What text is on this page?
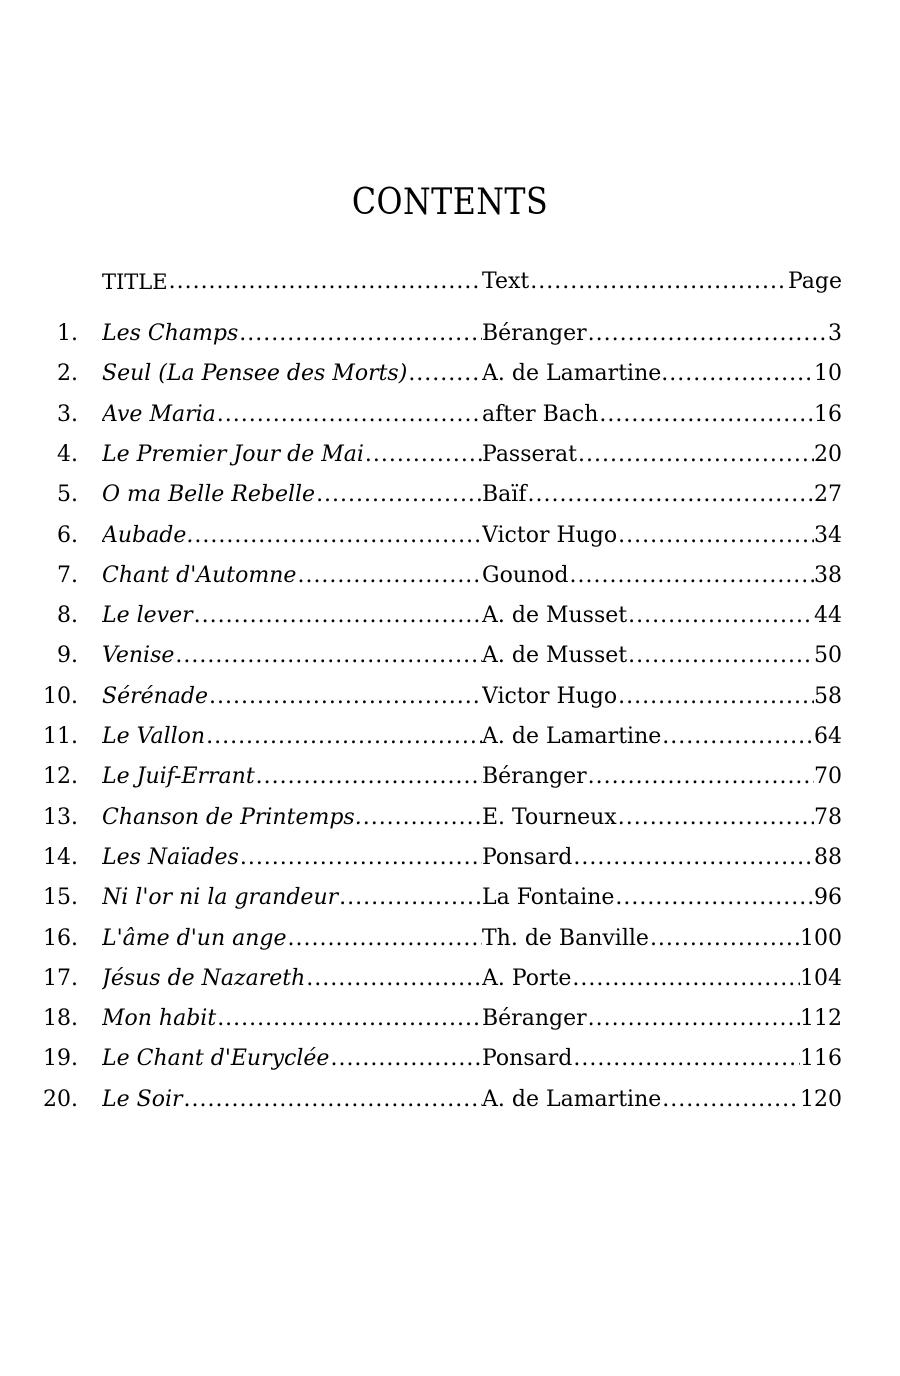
CONTENTS
TITLE .....	Text .....	Page
1. Les Champs .....	Béranger .....	3
2. Seul (La Pensee des Morts) .....	A. de Lamartine. .....	10
3. Ave Maria .....	after Bach .....	16
4. Le Premier Jour de Mai .....	Passerat .....	20
5. O ma Belle Rebelle .....	Baïf .....	27
6. Aubade. .....	Victor Hugo .....	34
7. Chant d'Automne .....	Gounod .....	38
8. Le lever .....	A. de Musset .....	44
9. Venise .....	A. de Musset .....	50
10. Sérénade .....	Victor Hugo .....	58
11. Le Vallon .....	A. de Lamartine .....	64
12. Le Juif-Errant .....	Béranger .....	70
13. Chanson de Printemps. .....	E. Tourneux .....	78
14. Les Naïades .....	Ponsard .....	88
15. Ni l'or ni la grandeur .....	La Fontaine .....	96
16. L'âme d'un ange .....	Th. de Banville .....	100
17. Jésus de Nazareth .....	A. Porte .....	104
18. Mon habit .....	Béranger .....	112
19. Le Chant d'Euryclée .....	Ponsard .....	116
20. Le Soir .....	A. de Lamartine .....	120
